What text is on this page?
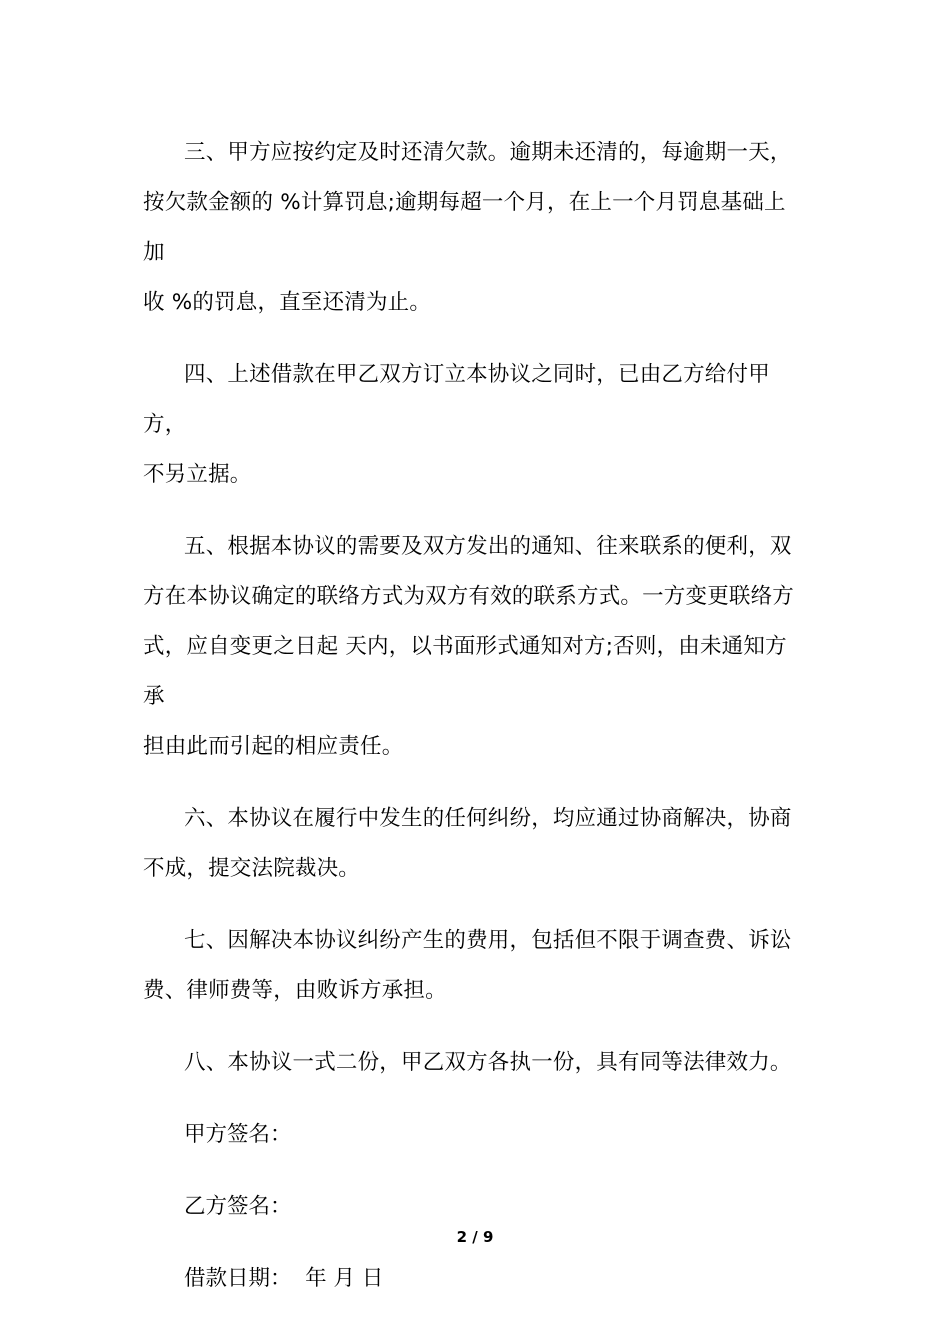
三、甲方应按约定及时还清欠款。逾期未还清的，每逾期一天，
按欠款金额的 %计算罚息;逾期每超一个月，在上一个月罚息基础上加
收 %的罚息，直至还清为止。

四、上述借款在甲乙双方订立本协议之同时，已由乙方给付甲方，
不另立据。

五、根据本协议的需要及双方发出的通知、往来联系的便利，双
方在本协议确定的联络方式为双方有效的联系方式。一方变更联络方
式，应自变更之日起 天内，以书面形式通知对方;否则，由未通知方承
担由此而引起的相应责任。

六、本协议在履行中发生的任何纠纷，均应通过协商解决，协商
不成，提交法院裁决。

七、因解决本协议纠纷产生的费用，包括但不限于调查费、诉讼
费、律师费等，由败诉方承担。

八、本协议一式二份，甲乙双方各执一份，具有同等法律效力。

甲方签名：

乙方签名：

借款日期：  年 月 日

2 / 9
